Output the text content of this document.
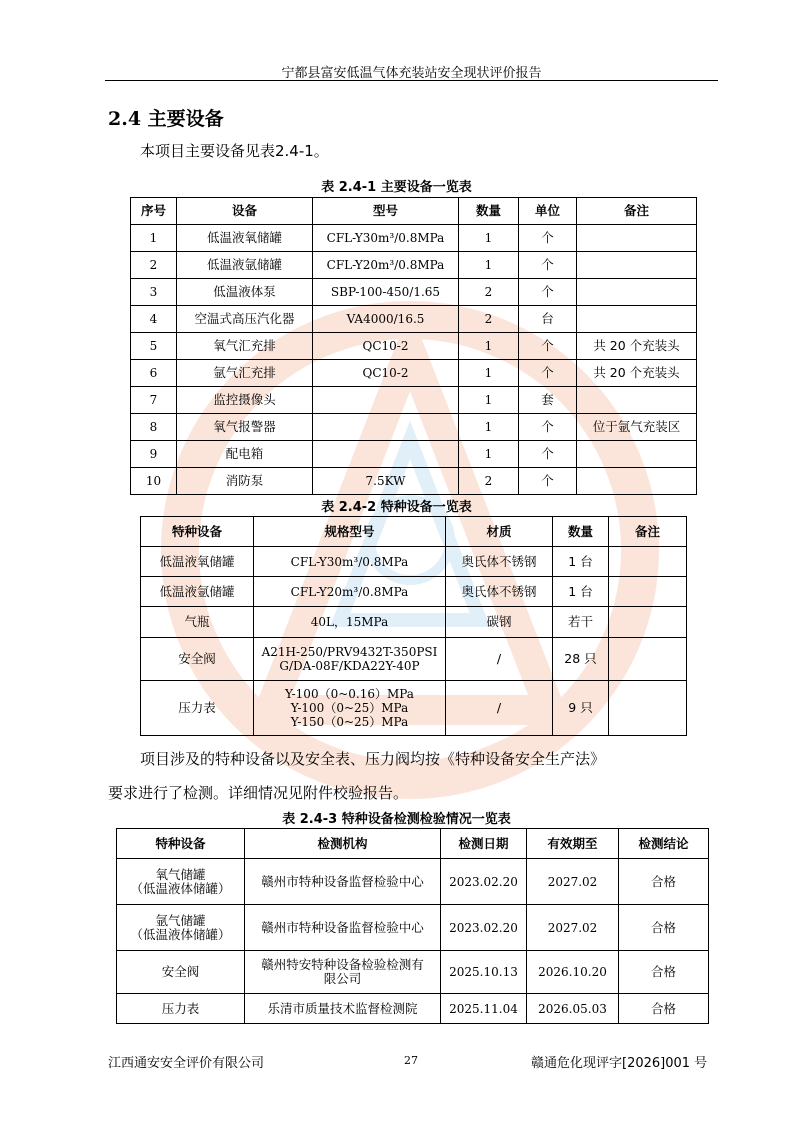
宁都县富安低温气体充装站安全现状评价报告
2.4 主要设备
本项目主要设备见表2.4-1。
表 2.4-1 主要设备一览表
序号	设备	型号	数量	单位	备注
1	低温液氧储罐	CFL-Y30m³/0.8MPa	1	个	
2	低温液氩储罐	CFL-Y20m³/0.8MPa	1	个	
3	低温液体泵	SBP-100-450/1.65	2	个	
4	空温式高压汽化器	VA4000/16.5	2	台	
5	氧气汇充排	QC10-2	1	个	共 20 个充装头
6	氩气汇充排	QC10-2	1	个	共 20 个充装头
7	监控摄像头		1	套	
8	氧气报警器		1	个	位于氩气充装区
9	配电箱		1	个	
10	消防泵	7.5KW	2	个	
表 2.4-2 特种设备一览表
特种设备	规格型号	材质	数量	备注
低温液氧储罐	CFL-Y30m³/0.8MPa	奥氏体不锈钢	1 台	
低温液氩储罐	CFL-Y20m³/0.8MPa	奥氏体不锈钢	1 台	
气瓶	40L，15MPa	碳钢	若干	
安全阀	A21H-250/PRV9432T-350PSI
G/DA-08F/KDA22Y-40P	/	28 只	
压力表	Y-100（0~0.16）MPa
Y-100（0~25）MPa
Y-150（0~25）MPa	/	9 只	
项目涉及的特种设备以及安全表、压力阀均按《特种设备安全生产法》
要求进行了检测。详细情况见附件校验报告。
表 2.4-3 特种设备检测检验情况一览表
特种设备	检测机构	检测日期	有效期至	检测结论

氧气储罐
（低温液体储罐）	赣州市特种设备监督检验中心	2023.02.20	2027.02	合格

氩气储罐
（低温液体储罐）	赣州市特种设备监督检验中心	2023.02.20	2027.02	合格

安全阀	赣州特安特种设备检验检测有
限公司	2025.10.13	2026.10.20	合格

压力表	乐清市质量技术监督检测院	2025.11.04	2026.05.03	合格
江西通安安全评价有限公司	27	赣通危化现评字[2026]001 号
